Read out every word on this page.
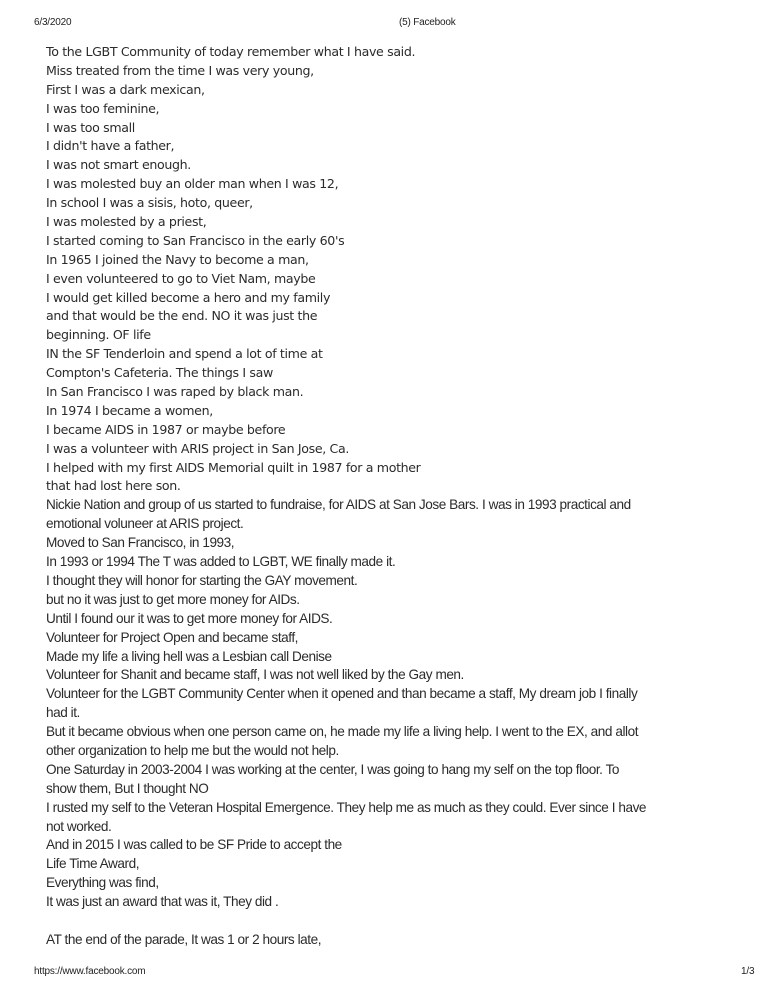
6/3/2020	(5) Facebook
To the LGBT Community of today remember what I have said.
Miss treated from the time I was very young,
First I was a dark mexican,
I was too feminine,
I was too small
I didn't have a father,
I was not smart enough.
I was molested buy an older man when I was 12,
In school I was a sisis, hoto, queer,
I was molested by a priest,
I started coming to San Francisco in the early 60's
In 1965 I joined the Navy to become a man,
I even volunteered to go to Viet Nam, maybe
I would get killed become a hero and my family
and that would be the end. NO it was just the
beginning. OF life
IN the SF Tenderloin and spend a lot of time at
Compton's Cafeteria. The things I saw
In San Francisco I was raped by black man.
In 1974 I became a women,
I became AIDS in 1987 or maybe before
I was a volunteer with ARIS project in San Jose, Ca.
I helped with my first AIDS Memorial quilt in 1987 for a mother
that had lost here son.
Nickie Nation and group of us started to fundraise, for AIDS at San Jose Bars. I was in 1993 practical and
emotional voluneer at ARIS project.
Moved to San Francisco, in 1993,
In 1993 or 1994 The T was added to LGBT, WE finally made it.
I thought they will honor for starting the GAY movement.
but no it was just to get more money for AIDs.
Until I found our it was to get more money for AIDS.
Volunteer for Project Open and became staff,
Made my life a living hell was a Lesbian call Denise
Volunteer for Shanit and became staff, I was not well liked by the Gay men.
Volunteer for the LGBT Community Center when it opened and than became a staff, My dream job I finally
had it.
But it became obvious when one person came on, he made my life a living help. I went to the EX, and allot
other organization to help me but the would not help.
One Saturday in 2003-2004 I was working at the center, I was going to hang my self on the top floor. To
show them, But I thought NO
I rusted my self to the Veteran Hospital Emergence. They help me as much as they could. Ever since I have
not worked.
And in 2015 I was called to be SF Pride to accept the
Life Time Award,
Everything was find,
It was just an award that was it, They did .
AT the end of the parade, It was 1 or 2 hours late,
https://www.facebook.com	1/3
